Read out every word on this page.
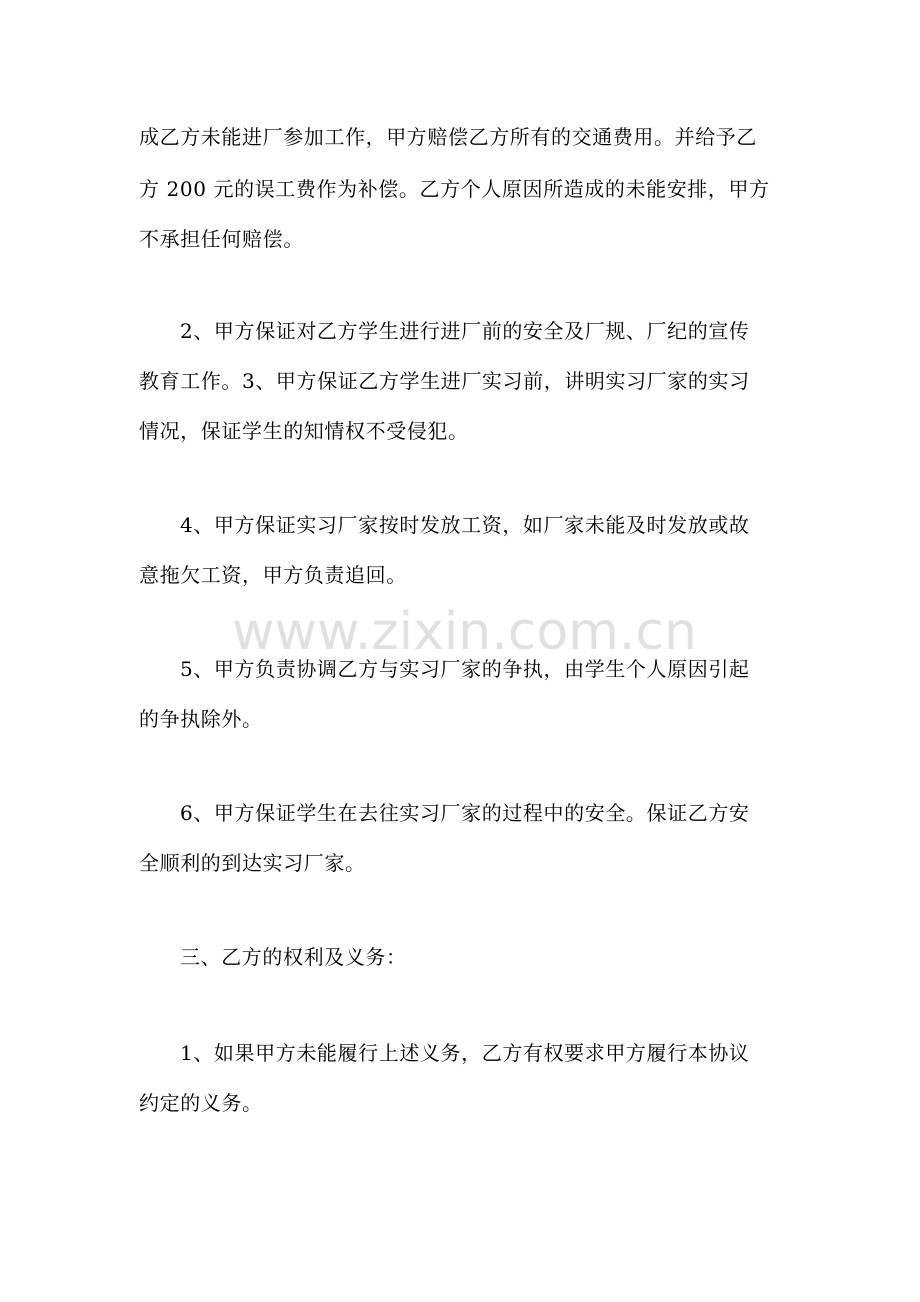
成乙方未能进厂参加工作，甲方赔偿乙方所有的交通费用。并给予乙
方 200 元的误工费作为补偿。乙方个人原因所造成的未能安排，甲方
不承担任何赔偿。
2、甲方保证对乙方学生进行进厂前的安全及厂规、厂纪的宣传
教育工作。3、甲方保证乙方学生进厂实习前，讲明实习厂家的实习
情况，保证学生的知情权不受侵犯。
4、甲方保证实习厂家按时发放工资，如厂家未能及时发放或故
意拖欠工资，甲方负责追回。
www.zixin.com.cn
5、甲方负责协调乙方与实习厂家的争执，由学生个人原因引起
的争执除外。
6、甲方保证学生在去往实习厂家的过程中的安全。保证乙方安
全顺利的到达实习厂家。
三、乙方的权利及义务：
1、如果甲方未能履行上述义务，乙方有权要求甲方履行本协议
约定的义务。
